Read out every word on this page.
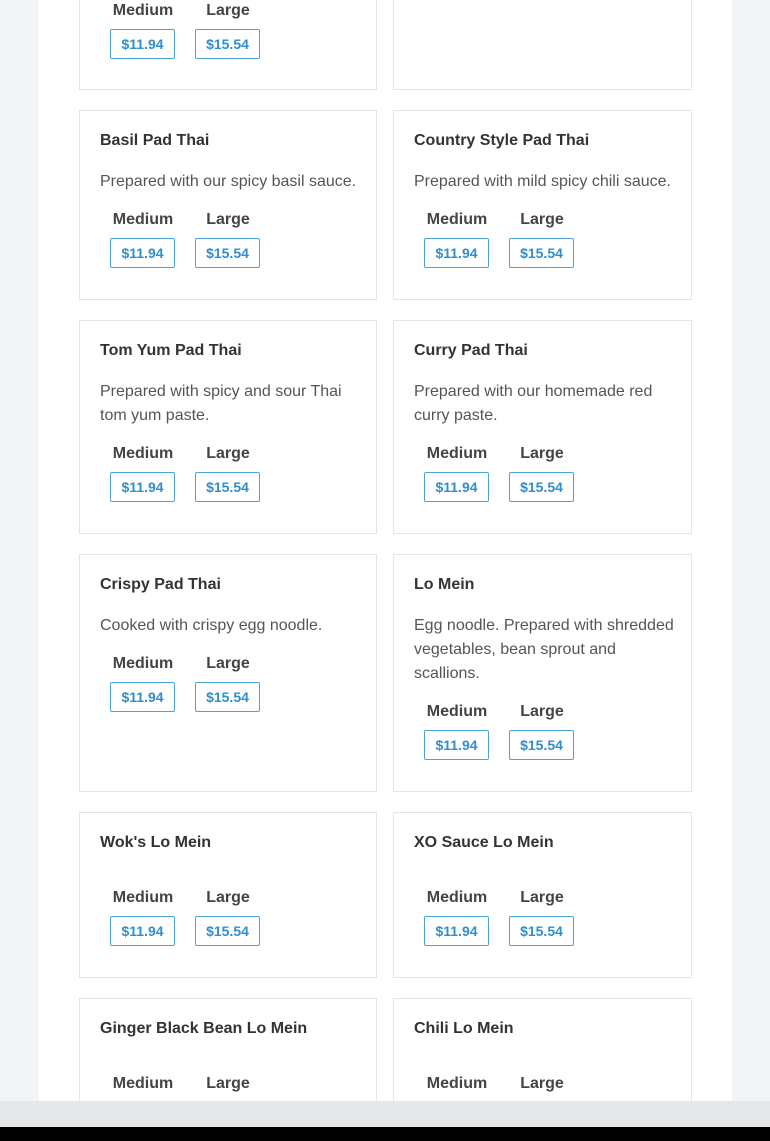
Medium
$11.94
Large
$15.54
Basil Pad Thai
Prepared with our spicy basil sauce.
Medium
$11.94
Large
$15.54
Country Style Pad Thai
Prepared with mild spicy chili sauce.
Medium
$11.94
Large
$15.54
Tom Yum Pad Thai
Prepared with spicy and sour Thai tom yum paste.
Medium
$11.94
Large
$15.54
Curry Pad Thai
Prepared with our homemade red curry paste.
Medium
$11.94
Large
$15.54
Crispy Pad Thai
Cooked with crispy egg noodle.
Medium
$11.94
Large
$15.54
Lo Mein
Egg noodle. Prepared with shredded vegetables, bean sprout and scallions.
Medium
$11.94
Large
$15.54
Wok's Lo Mein
Medium
$11.94
Large
$15.54
XO Sauce Lo Mein
Medium
$11.94
Large
$15.54
Ginger Black Bean Lo Mein
Medium	Large
Chili Lo Mein
Medium	Large
